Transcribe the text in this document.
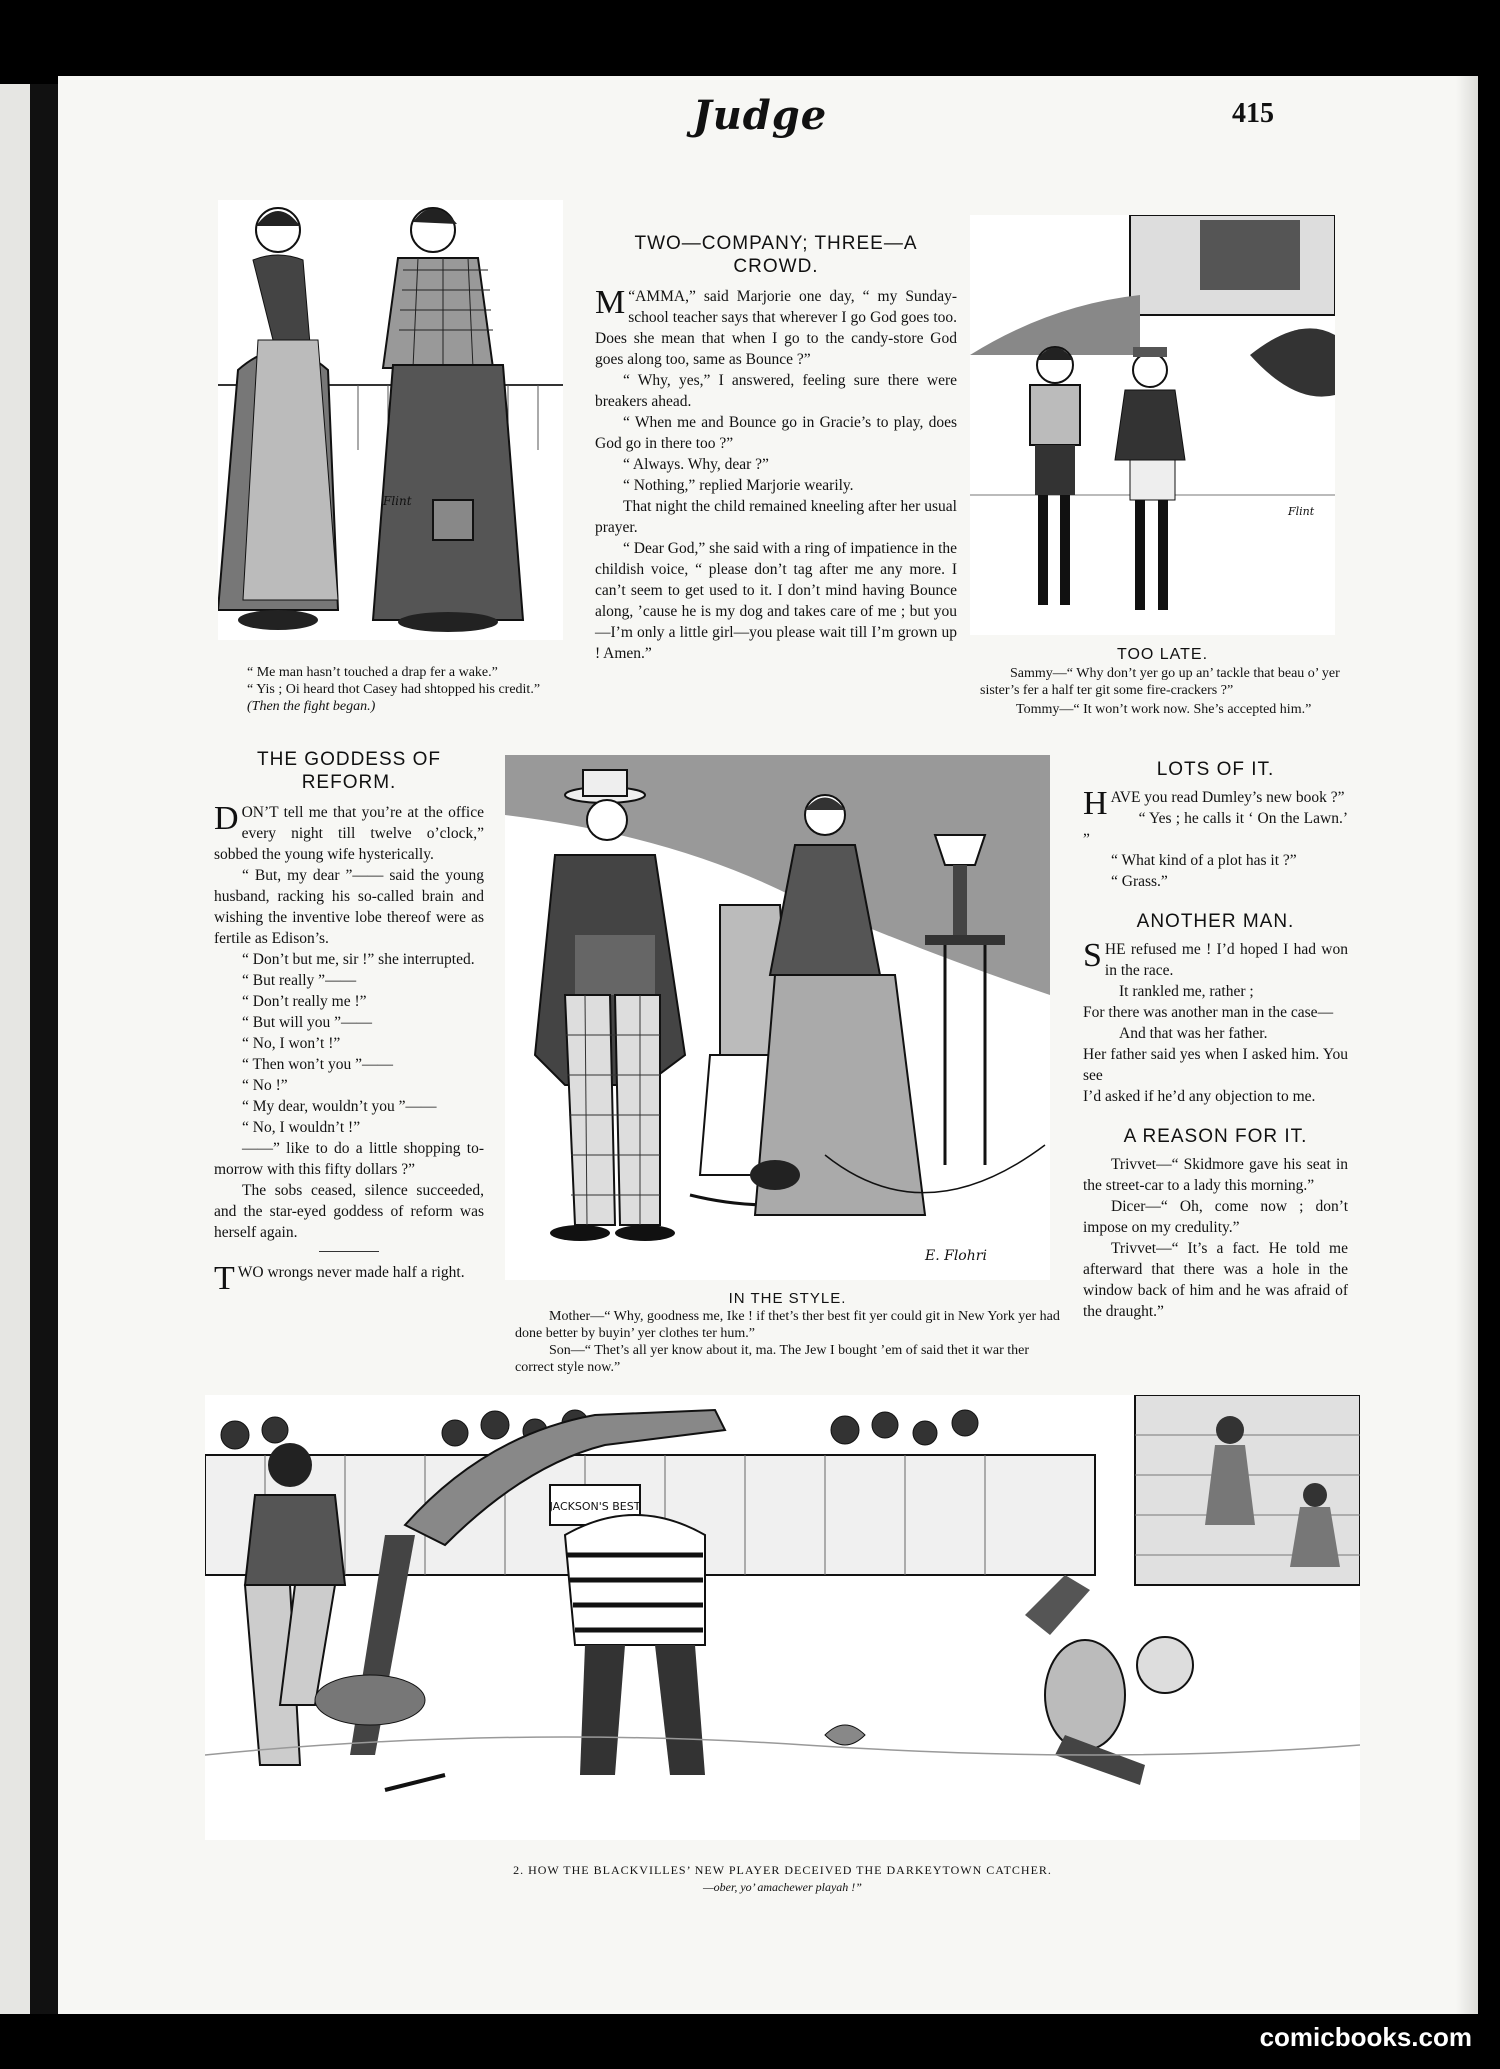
Judge	415
Flint
“ Me man hasn’t touched a drap fer a wake.”
“ Yis ; Oi heard thot Casey had shtopped his credit.”
(Then the fight began.)
TWO—COMPANY; THREE—A CROWD.

M “AMMA,” said Marjorie one day, “ my Sunday-school teacher says that wherever I go God goes too. Does she mean that when I go to the candy-store God goes along too, same as Bounce ?”

“ Why, yes,” I answered, feeling sure there were breakers ahead.

“ When me and Bounce go in Gracie’s to play, does God go in there too ?”

“ Always. Why, dear ?”

“ Nothing,” replied Marjorie wearily.

That night the child remained kneeling after her usual prayer.

“ Dear God,” she said with a ring of impatience in the childish voice, “ please don’t tag after me any more. I can’t seem to get used to it. I don’t mind having Bounce along, ’cause he is my dog and takes care of me ; but you—I’m only a little girl—you please wait till I’m grown up ! Amen.”

Flint
TOO LATE.
Sammy—“ Why don’t yer go up an’ tackle that beau o’ yer sister’s fer a half ter git some fire-crackers ?”
Tommy—“ It won’t work now. She’s accepted him.”
THE GODDESS OF REFORM.

DON’T tell me that you’re at the office every night till twelve o’clock,” sobbed the young wife hysterically.

“ But, my dear ”—— said the young husband, racking his so-called brain and wishing the inventive lobe thereof were as fertile as Edison’s.

“ Don’t but me, sir !” she interrupted.

“ But really ”——

“ Don’t really me !”

“ But will you ”——

“ No, I won’t !”

“ Then won’t you ”——

“ No !”

“ My dear, wouldn’t you ”——

“ No, I wouldn’t !”

——” like to do a little shopping to-morrow with this fifty dollars ?”

The sobs ceased, silence succeeded, and the star-eyed goddess of reform was herself again.

TWO wrongs never made half a right.

E. Flohri
IN THE STYLE.
Mother—“ Why, goodness me, Ike ! if thet’s ther best fit yer could git in New York yer had done better by buyin’ yer clothes ter hum.”
Son—“ Thet’s all yer know about it, ma. The Jew I bought ’em of said thet it war ther correct style now.”
LOTS OF IT.

HAVE you read Dumley’s new book ?”

“ Yes ; he calls it ‘ On the Lawn.’ ”

“ What kind of a plot has it ?”

“ Grass.”

ANOTHER MAN.

SHE refused me ! I’d hoped I had won in the race.

It rankled me, rather ;

For there was another man in the case—

And that was her father.

Her father said yes when I asked him. You see

I’d asked if he’d any objection to me.

A REASON FOR IT.

Trivvet—“ Skidmore gave his seat in the street-car to a lady this morning.”

Dicer—“ Oh, come now ; don’t impose on my credulity.”

Trivvet—“ It’s a fact. He told me afterward that there was a hole in the window back of him and he was afraid of the draught.”

JACKSON'S BEST
2. HOW THE BLACKVILLES’ NEW PLAYER DECEIVED THE DARKEYTOWN CATCHER.
—ober, yo’ amachewer playah !”
comicbooks.com
